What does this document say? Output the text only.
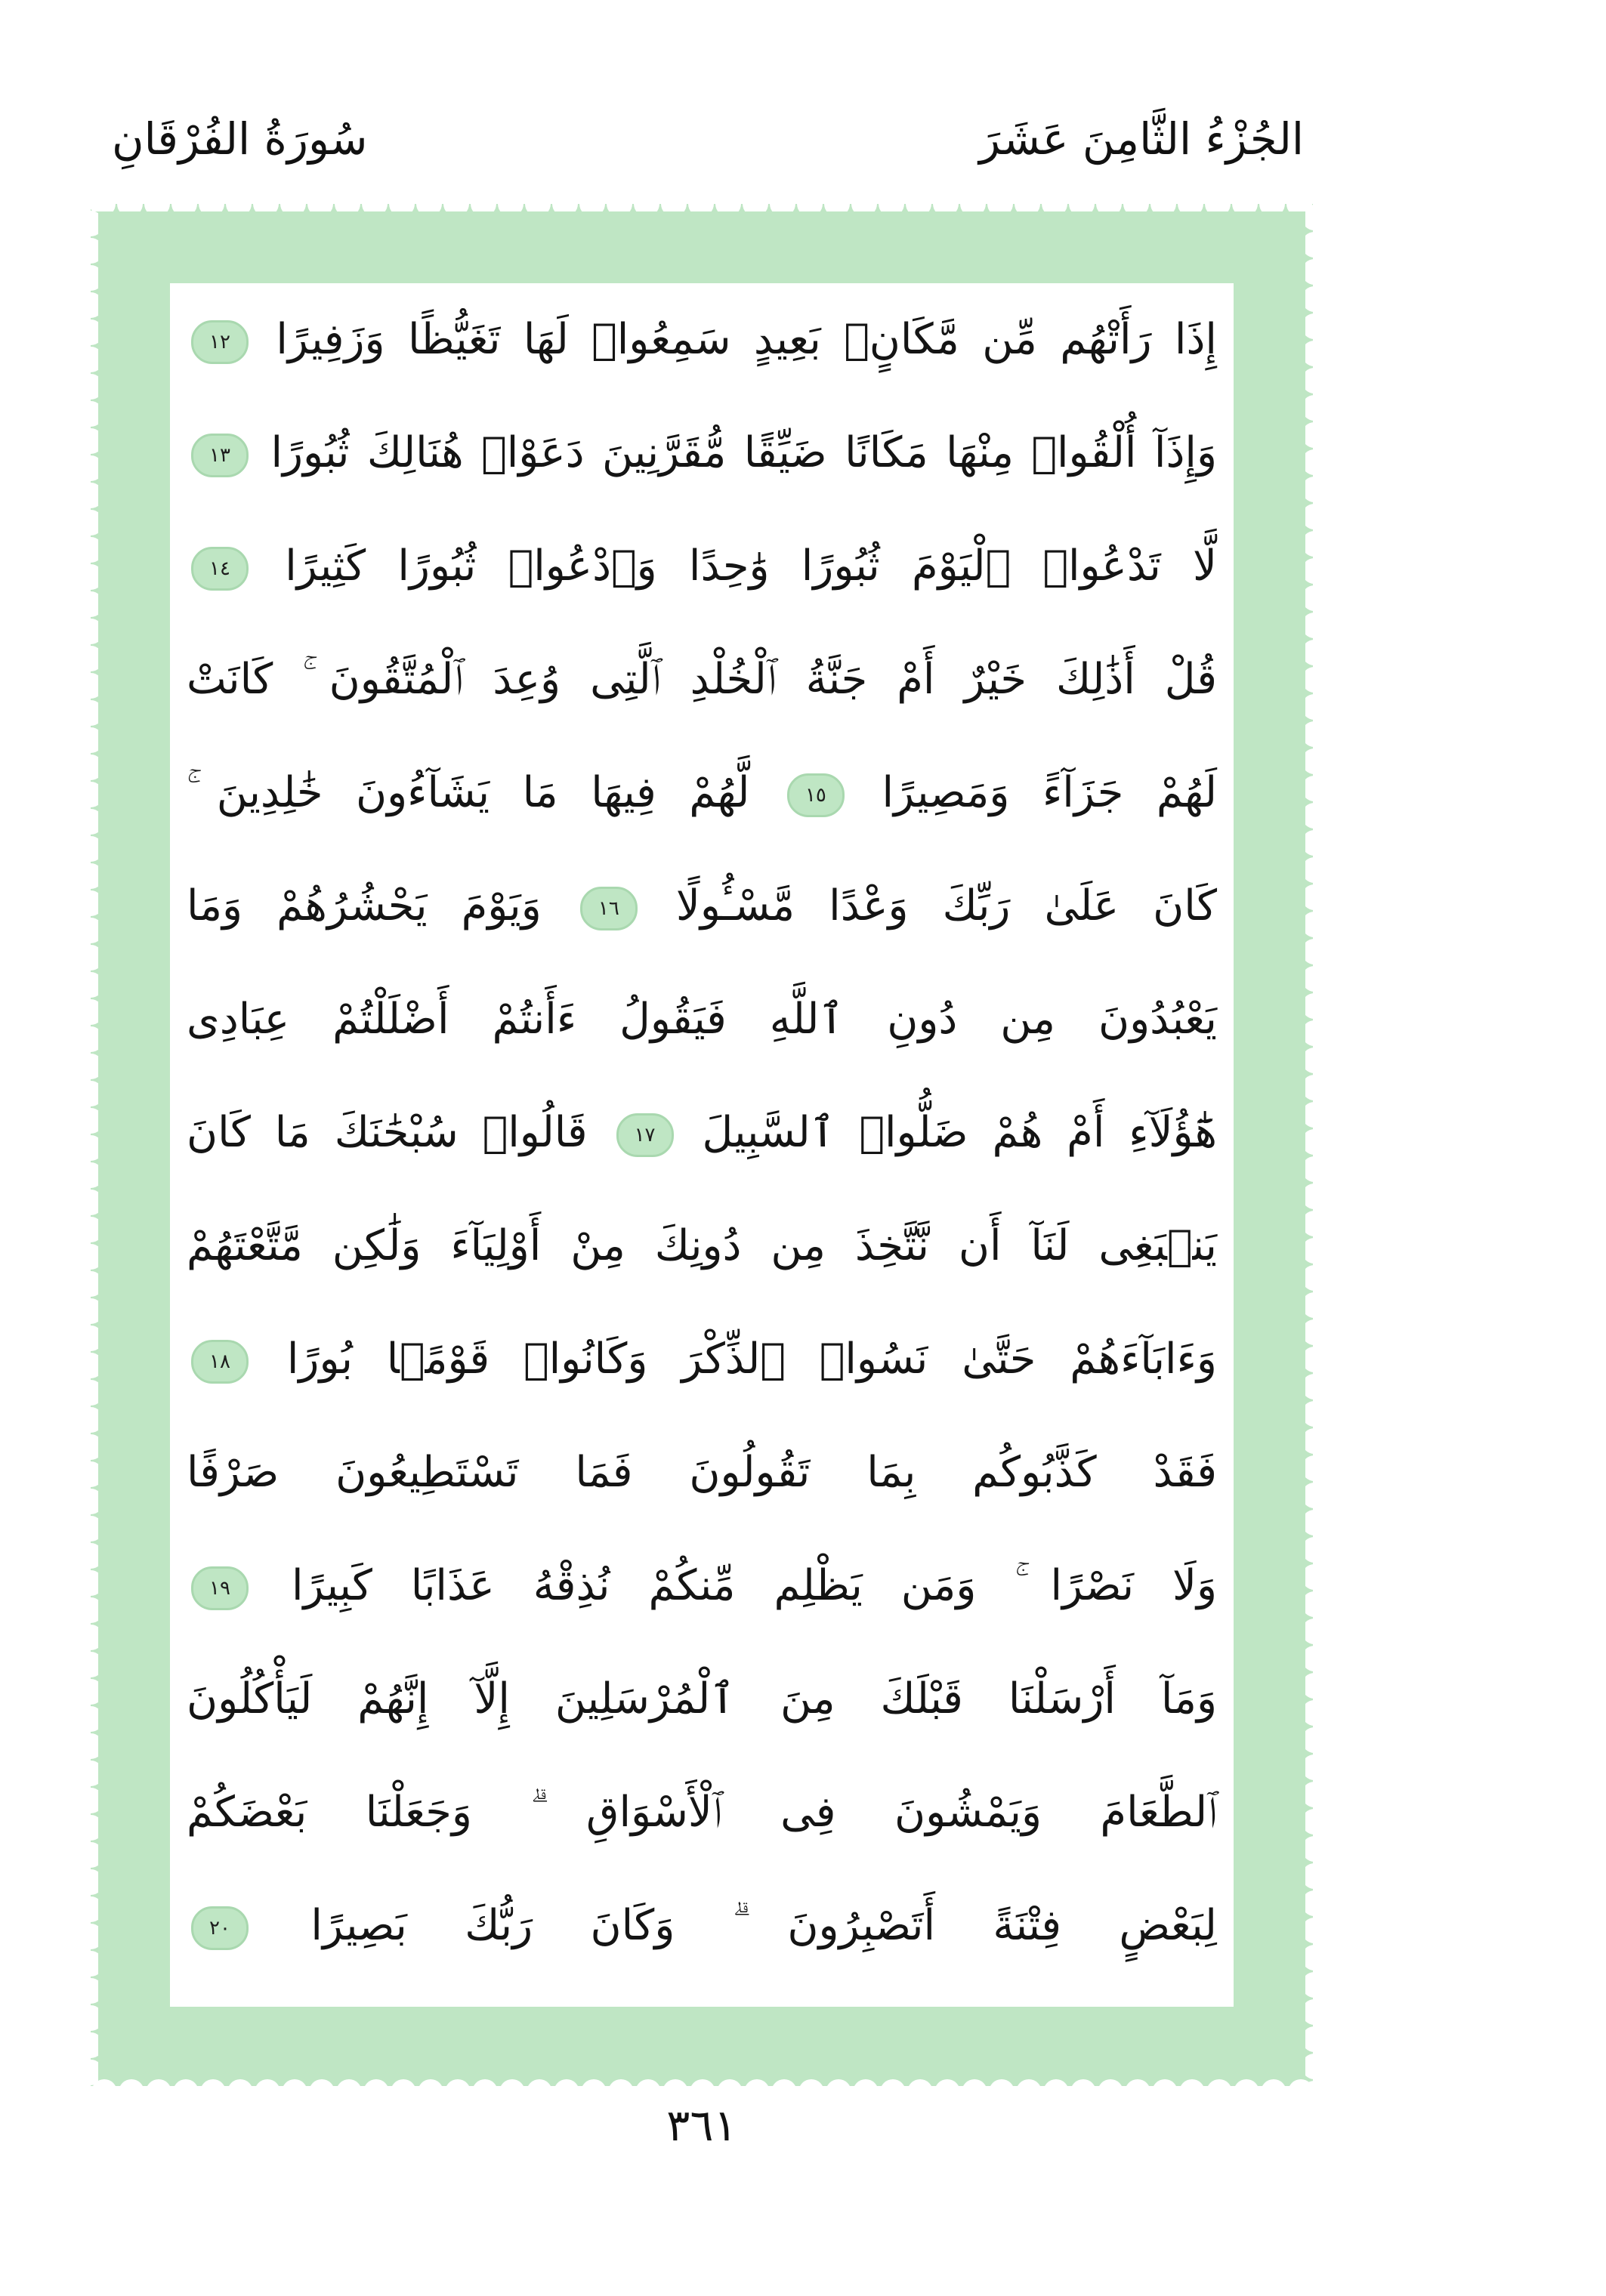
الجُزْءُ الثَّامِنَ عَشَرَ
سُورَةُ الفُرْقَانِ
إِذَا رَأَتْهُم مِّن مَّكَانٍۭ بَعِيدٍ سَمِعُوا۟ لَهَا تَغَيُّظًا وَزَفِيرًا ١٢
وَإِذَآ أُلْقُوا۟ مِنْهَا مَكَانًا ضَيِّقًا مُّقَرَّنِينَ دَعَوْا۟ هُنَالِكَ ثُبُورًا ١٣
لَّا تَدْعُوا۟ ٱلْيَوْمَ ثُبُورًا وَٰحِدًا وَٱدْعُوا۟ ثُبُورًا كَثِيرًا ١٤
قُلْ أَذَٰلِكَ خَيْرٌ أَمْ جَنَّةُ ٱلْخُلْدِ ٱلَّتِى وُعِدَ ٱلْمُتَّقُونَ ۚ كَانَتْ
لَهُمْ جَزَآءً وَمَصِيرًا ١٥ لَّهُمْ فِيهَا مَا يَشَآءُونَ خَٰلِدِينَ ۚ
كَانَ عَلَىٰ رَبِّكَ وَعْدًا مَّسْـُٔولًا ١٦ وَيَوْمَ يَحْشُرُهُمْ وَمَا
يَعْبُدُونَ مِن دُونِ ٱللَّهِ فَيَقُولُ ءَأَنتُمْ أَضْلَلْتُمْ عِبَادِى
هَٰٓؤُلَآءِ أَمْ هُمْ ضَلُّوا۟ ٱلسَّبِيلَ ١٧ قَالُوا۟ سُبْحَٰنَكَ مَا كَانَ
يَنۢبَغِى لَنَآ أَن نَّتَّخِذَ مِن دُونِكَ مِنْ أَوْلِيَآءَ وَلَٰكِن مَّتَّعْتَهُمْ
وَءَابَآءَهُمْ حَتَّىٰ نَسُوا۟ ٱلذِّكْرَ وَكَانُوا۟ قَوْمًۢا بُورًا ١٨
فَقَدْ كَذَّبُوكُم بِمَا تَقُولُونَ فَمَا تَسْتَطِيعُونَ صَرْفًا
وَلَا نَصْرًا ۚ وَمَن يَظْلِم مِّنكُمْ نُذِقْهُ عَذَابًا كَبِيرًا ١٩
وَمَآ أَرْسَلْنَا قَبْلَكَ مِنَ ٱلْمُرْسَلِينَ إِلَّآ إِنَّهُمْ لَيَأْكُلُونَ
ٱلطَّعَامَ وَيَمْشُونَ فِى ٱلْأَسْوَاقِ ۗ وَجَعَلْنَا بَعْضَكُمْ
لِبَعْضٍ فِتْنَةً أَتَصْبِرُونَ ۗ وَكَانَ رَبُّكَ بَصِيرًا ٢٠
٣٦١
